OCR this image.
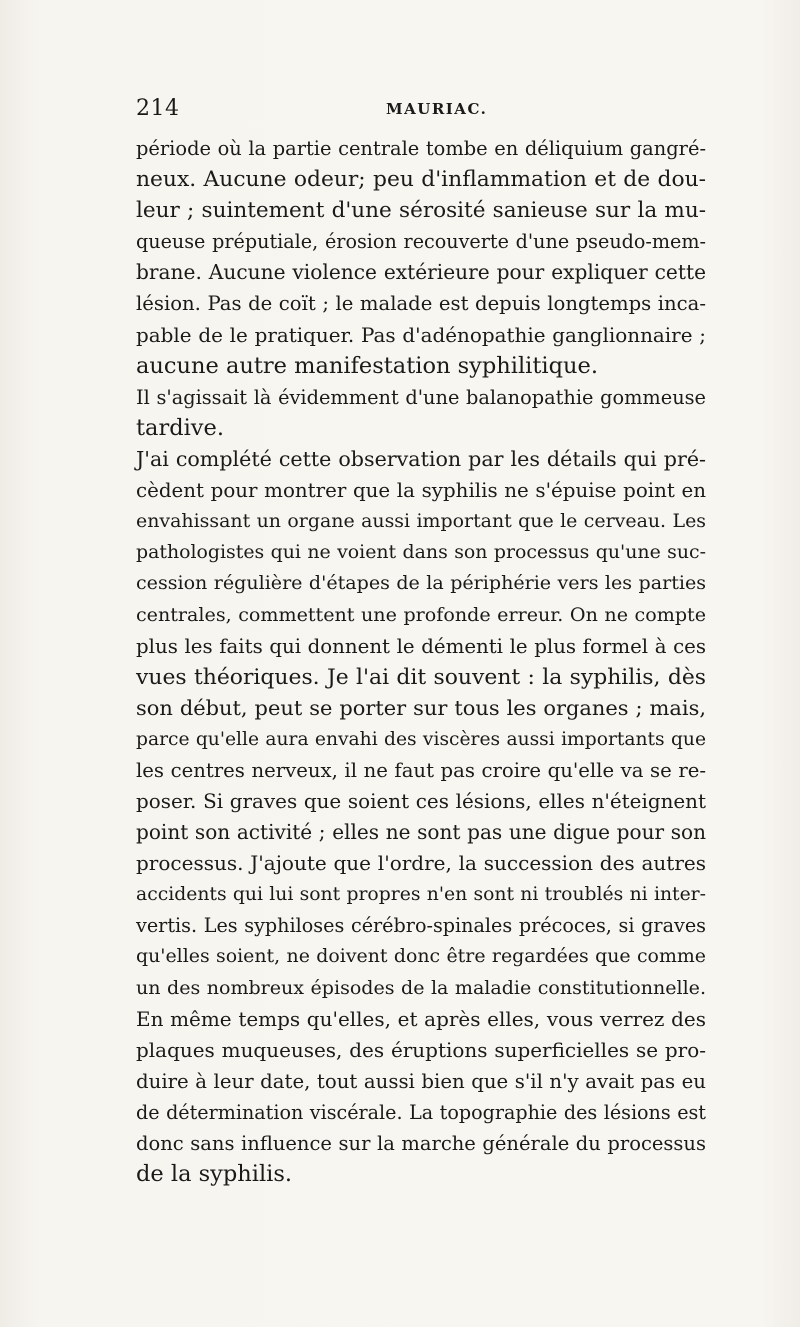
214	MAURIAC.
période où la partie centrale tombe en déliquium gangré-
neux. Aucune odeur; peu d'inflammation et de dou-
leur ; suintement d'une sérosité sanieuse sur la mu-
queuse préputiale, érosion recouverte d'une pseudo-mem-
brane. Aucune violence extérieure pour expliquer cette
lésion. Pas de coït ; le malade est depuis longtemps inca-
pable de le pratiquer. Pas d'adénopathie ganglionnaire ;
aucune autre manifestation syphilitique.
Il s'agissait là évidemment d'une balanopathie gommeuse
tardive.
J'ai complété cette observation par les détails qui pré-
cèdent pour montrer que la syphilis ne s'épuise point en
envahissant un organe aussi important que le cerveau. Les
pathologistes qui ne voient dans son processus qu'une suc-
cession régulière d'étapes de la périphérie vers les parties
centrales, commettent une profonde erreur. On ne compte
plus les faits qui donnent le démenti le plus formel à ces
vues théoriques. Je l'ai dit souvent : la syphilis, dès
son début, peut se porter sur tous les organes ; mais,
parce qu'elle aura envahi des viscères aussi importants que
les centres nerveux, il ne faut pas croire qu'elle va se re-
poser. Si graves que soient ces lésions, elles n'éteignent
point son activité ; elles ne sont pas une digue pour son
processus. J'ajoute que l'ordre, la succession des autres
accidents qui lui sont propres n'en sont ni troublés ni inter-
vertis. Les syphiloses cérébro-spinales précoces, si graves
qu'elles soient, ne doivent donc être regardées que comme
un des nombreux épisodes de la maladie constitutionnelle.
En même temps qu'elles, et après elles, vous verrez des
plaques muqueuses, des éruptions superficielles se pro-
duire à leur date, tout aussi bien que s'il n'y avait pas eu
de détermination viscérale. La topographie des lésions est
donc sans influence sur la marche générale du processus
de la syphilis.
